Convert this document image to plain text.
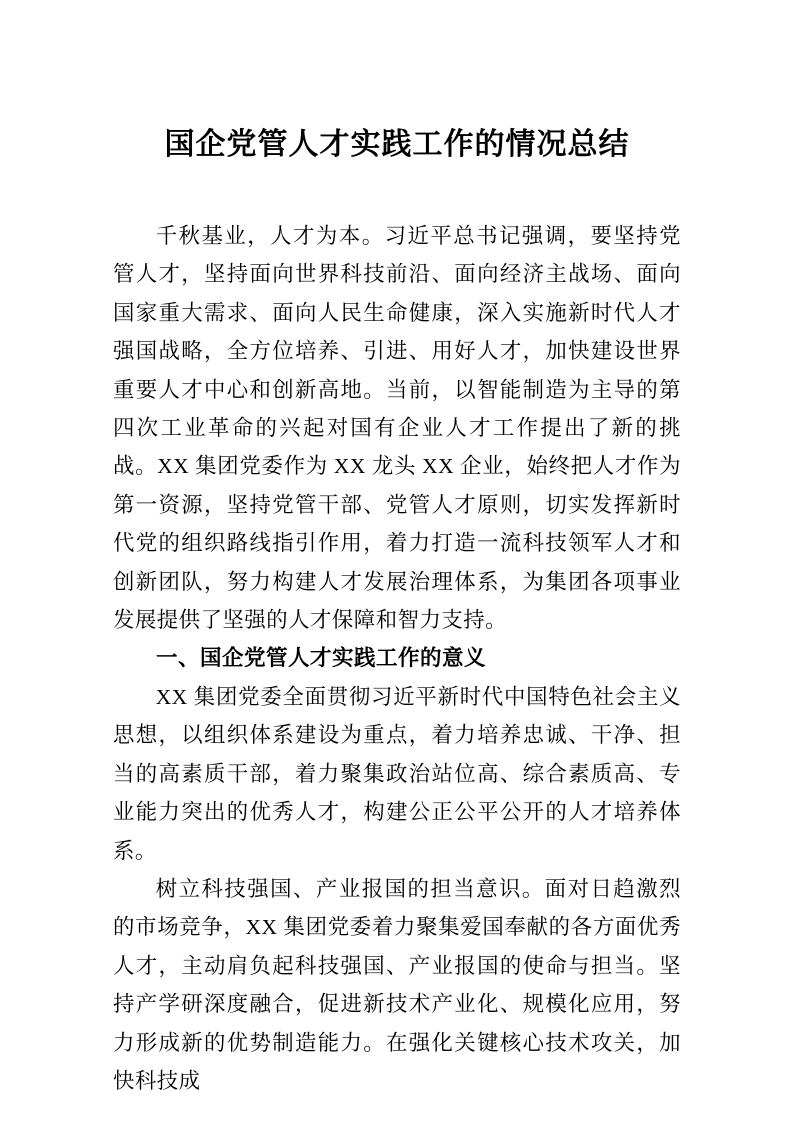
国企党管人才实践工作的情况总结

千秋基业，人才为本。习近平总书记强调，要坚持党管人才，坚持面向世界科技前沿、面向经济主战场、面向国家重大需求、面向人民生命健康，深入实施新时代人才强国战略，全方位培养、引进、用好人才，加快建设世界重要人才中心和创新高地。当前，以智能制造为主导的第四次工业革命的兴起对国有企业人才工作提出了新的挑战。XX 集团党委作为 XX 龙头 XX 企业，始终把人才作为第一资源，坚持党管干部、党管人才原则，切实发挥新时代党的组织路线指引作用，着力打造一流科技领军人才和创新团队，努力构建人才发展治理体系，为集团各项事业发展提供了坚强的人才保障和智力支持。

一、国企党管人才实践工作的意义

XX 集团党委全面贯彻习近平新时代中国特色社会主义思想，以组织体系建设为重点，着力培养忠诚、干净、担当的高素质干部，着力聚集政治站位高、综合素质高、专业能力突出的优秀人才，构建公正公平公开的人才培养体系。

树立科技强国、产业报国的担当意识。面对日趋激烈的市场竞争，XX 集团党委着力聚集爱国奉献的各方面优秀人才，主动肩负起科技强国、产业报国的使命与担当。坚持产学研深度融合，促进新技术产业化、规模化应用，努力形成新的优势制造能力。在强化关键核心技术攻关，加快科技成
